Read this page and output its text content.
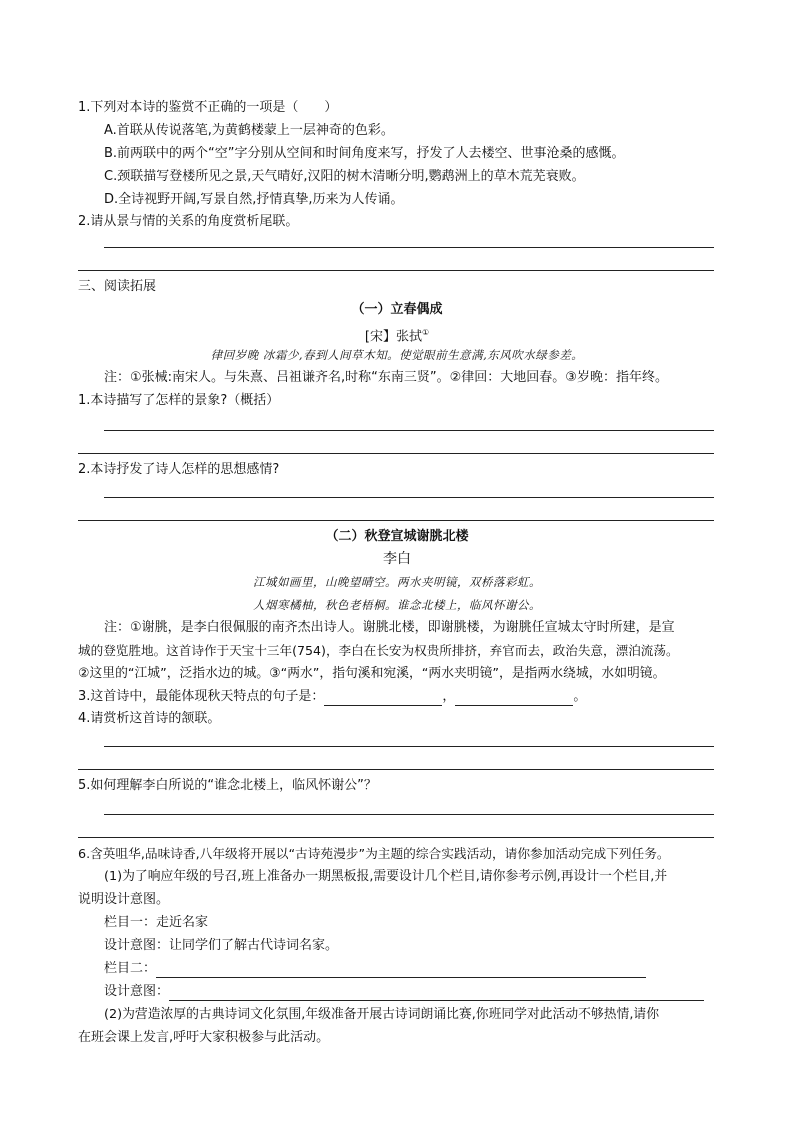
1.下列对本诗的鉴赏不正确的一项是（　　）
A.首联从传说落笔,为黄鹤楼蒙上一层神奇的色彩。
B.前两联中的两个“空”字分别从空间和时间角度来写，抒发了人去楼空、世事沧桑的感慨。
C.颈联描写登楼所见之景,天气晴好,汉阳的树木清晰分明,鹦鹉洲上的草木荒芜衰败。
D.全诗视野开阔,写景自然,抒情真挚,历来为人传诵。
2.请从景与情的关系的角度赏析尾联。
三、阅读拓展
（一）立春偶成
[宋】张拭①
律回岁晚 冰霜少,春到人间草木知。使觉眼前生意满,东风吹水绿参差。
注：①张械:南宋人。与朱熹、吕祖谦齐名,时称“东南三贤”。②律回：大地回春。③岁晚：指年终。
1.本诗描写了怎样的景象?（概括）
2.本诗抒发了诗人怎样的思想感情?
（二）秋登宣城谢朓北楼
李白
江城如画里，山晚望晴空。两水夹明镜，双桥落彩虹。
人烟寒橘柚，秋色老梧桐。谁念北楼上，临风怀谢公。
注：①谢朓，是李白很佩服的南齐杰出诗人。谢朓北楼，即谢朓楼，为谢朓任宣城太守时所建，是宣
城的登览胜地。这首诗作于天宝十三年(754)，李白在长安为权贵所排挤，弃官而去，政治失意，漂泊流荡。
②这里的“江城”，泛指水边的城。③“两水”，指句溪和宛溪，“两水夹明镜”，是指两水绕城，水如明镜。
3.这首诗中，最能体现秋天特点的句子是：	，	。
4.请赏析这首诗的颔联。
5.如何理解李白所说的“谁念北楼上，临风怀谢公”？
6.含英咀华,品味诗香,八年级将开展以“古诗苑漫步”为主题的综合实践活动，请你参加活动完成下列任务。
(1)为了响应年级的号召,班上准备办一期黑板报,需要设计几个栏目,请你参考示例,再设计一个栏目,并
说明设计意图。
栏目一：走近名家
设计意图：让同学们了解古代诗词名家。
栏目二：
设计意图：
(2)为营造浓厚的古典诗词文化氛围,年级准备开展古诗词朗诵比赛,你班同学对此活动不够热情,请你
在班会课上发言,呼吁大家积极参与此活动。
